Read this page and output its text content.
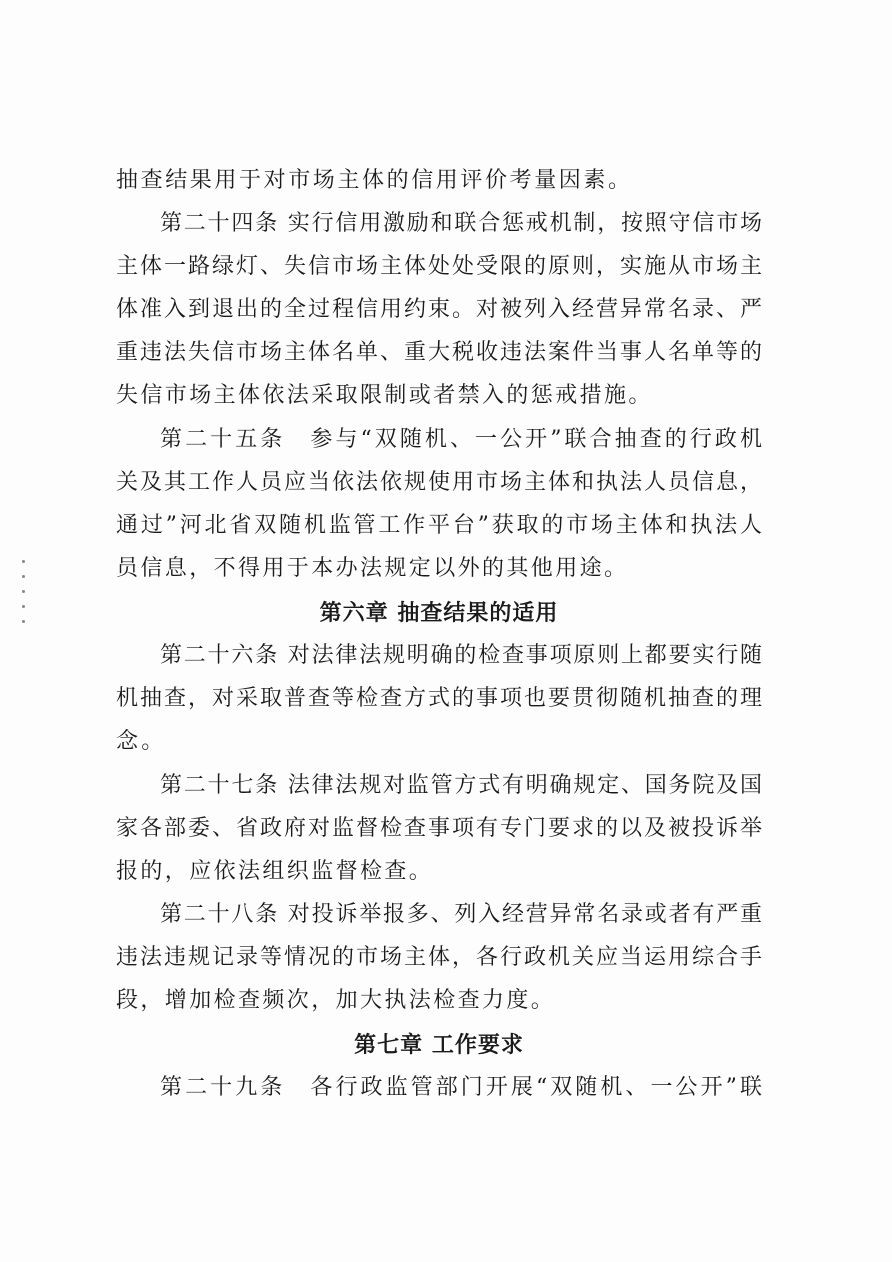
抽查结果用于对市场主体的信用评价考量因素。
第二十四条 实行信用激励和联合惩戒机制，按照守信市场
主体一路绿灯、失信市场主体处处受限的原则，实施从市场主
体准入到退出的全过程信用约束。对被列入经营异常名录、严
重违法失信市场主体名单、重大税收违法案件当事人名单等的
失信市场主体依法采取限制或者禁入的惩戒措施。
第二十五条　参与“双随机、一公开”联合抽查的行政机
关及其工作人员应当依法依规使用市场主体和执法人员信息，
通过”河北省双随机监管工作平台”获取的市场主体和执法人
员信息，不得用于本办法规定以外的其他用途。
第六章 抽查结果的适用
第二十六条 对法律法规明确的检查事项原则上都要实行随
机抽查，对采取普查等检查方式的事项也要贯彻随机抽查的理
念。
第二十七条 法律法规对监管方式有明确规定、国务院及国
家各部委、省政府对监督检查事项有专门要求的以及被投诉举
报的，应依法组织监督检查。
第二十八条 对投诉举报多、列入经营异常名录或者有严重
违法违规记录等情况的市场主体，各行政机关应当运用综合手
段，增加检查频次，加大执法检查力度。
第七章 工作要求
第二十九条　各行政监管部门开展“双随机、一公开”联
